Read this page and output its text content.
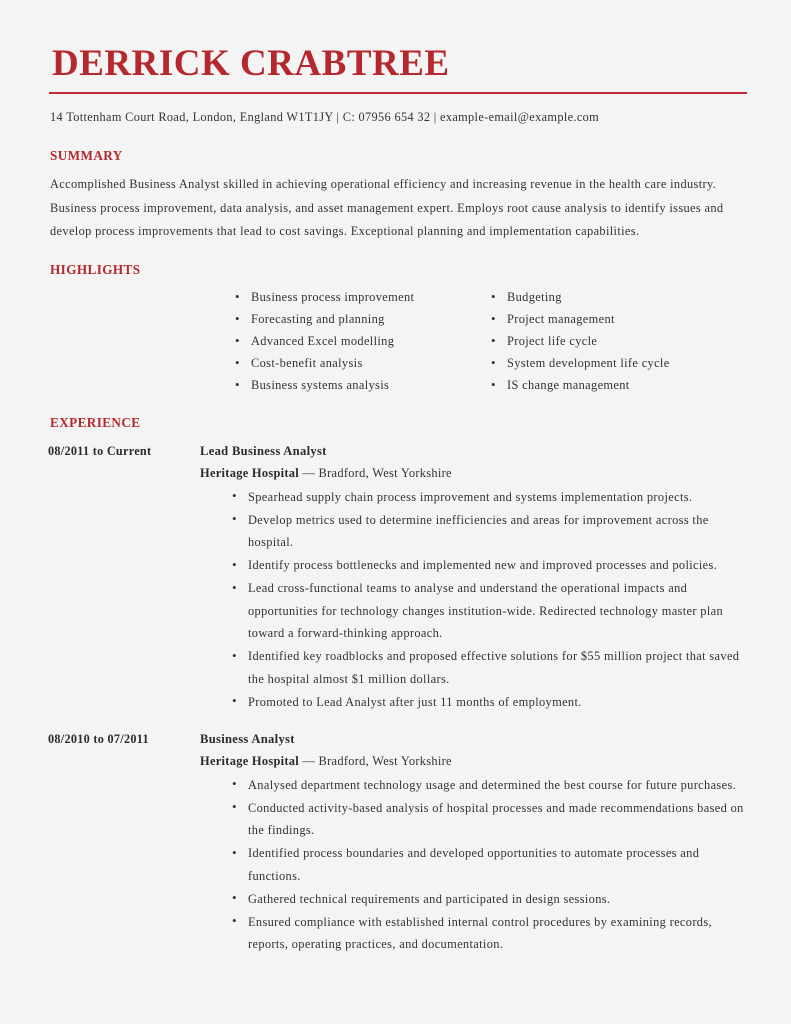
DERRICK CRABTREE
14 Tottenham Court Road, London, England W1T1JY | C: 07956 654 32 | example-email@example.com
SUMMARY
Accomplished Business Analyst skilled in achieving operational efficiency and increasing revenue in the health care industry. Business process improvement, data analysis, and asset management expert. Employs root cause analysis to identify issues and develop process improvements that lead to cost savings. Exceptional planning and implementation capabilities.
HIGHLIGHTS
• Business process improvement
• Forecasting and planning
• Advanced Excel modelling
• Cost-benefit analysis
• Business systems analysis
• Budgeting
• Project management
• Project life cycle
• System development life cycle
• IS change management
EXPERIENCE
08/2011 to Current	Lead Business Analyst
Heritage Hospital — Bradford, West Yorkshire
• Spearhead supply chain process improvement and systems implementation projects.
• Develop metrics used to determine inefficiencies and areas for improvement across the hospital.
• Identify process bottlenecks and implemented new and improved processes and policies.
• Lead cross-functional teams to analyse and understand the operational impacts and opportunities for technology changes institution-wide. Redirected technology master plan toward a forward-thinking approach.
• Identified key roadblocks and proposed effective solutions for $55 million project that saved the hospital almost $1 million dollars.
• Promoted to Lead Analyst after just 11 months of employment.
08/2010 to 07/2011	Business Analyst
Heritage Hospital — Bradford, West Yorkshire
• Analysed department technology usage and determined the best course for future purchases.
• Conducted activity-based analysis of hospital processes and made recommendations based on the findings.
• Identified process boundaries and developed opportunities to automate processes and functions.
• Gathered technical requirements and participated in design sessions.
• Ensured compliance with established internal control procedures by examining records, reports, operating practices, and documentation.
